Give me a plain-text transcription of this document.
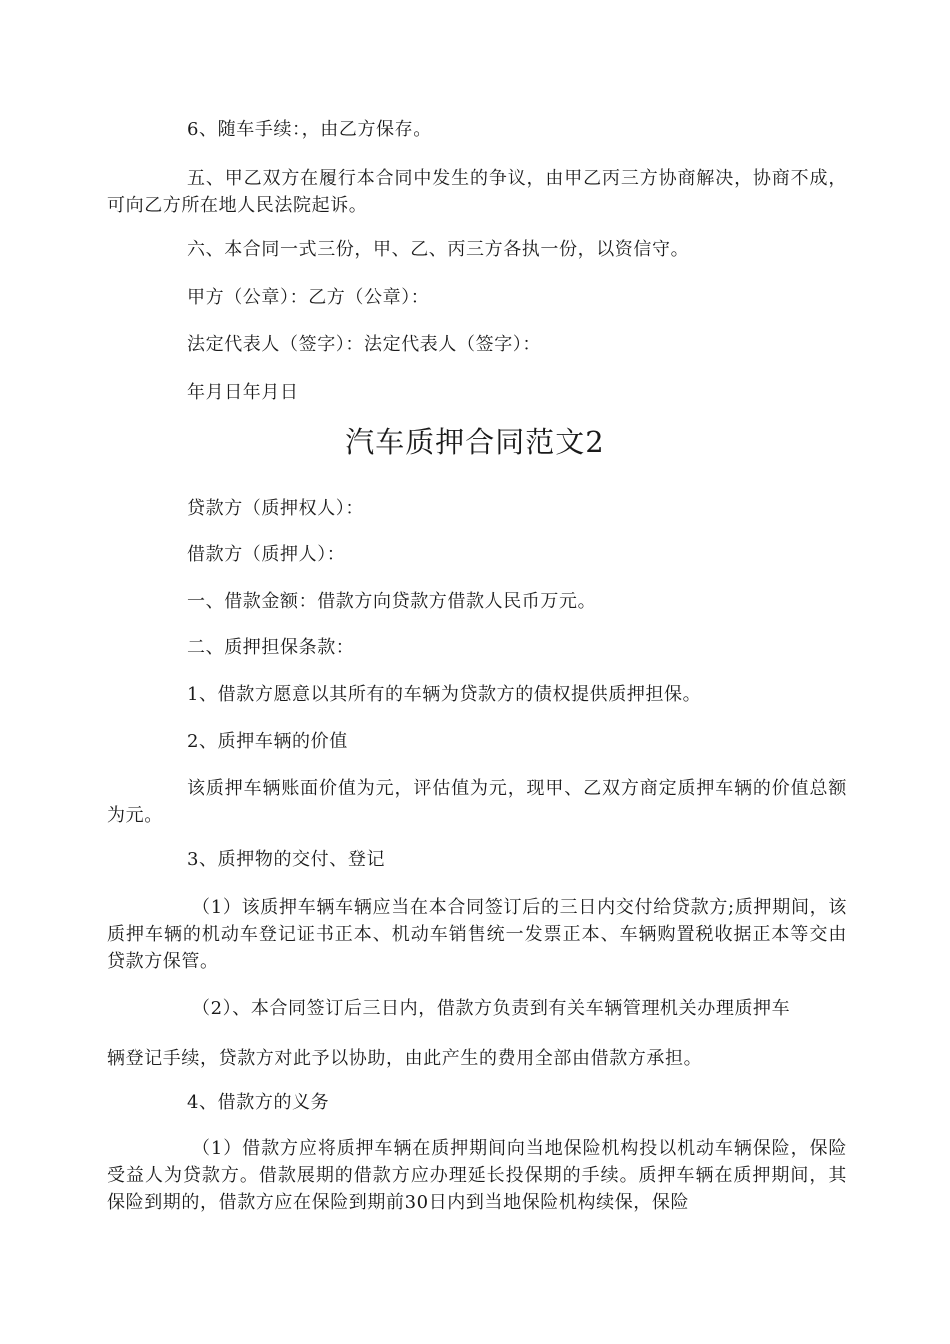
6、随车手续：，由乙方保存。

五、甲乙双方在履行本合同中发生的争议，由甲乙丙三方协商解决，协商不成，可向乙方所在地人民法院起诉。

六、本合同一式三份，甲、乙、丙三方各执一份，以资信守。

甲方（公章）：乙方（公章）：

法定代表人（签字）：法定代表人（签字）：

年月日年月日

汽车质押合同范文2

贷款方（质押权人）：

借款方（质押人）：

一、借款金额：借款方向贷款方借款人民币万元。

二、质押担保条款：

1、借款方愿意以其所有的车辆为贷款方的债权提供质押担保。

2、质押车辆的价值

该质押车辆账面价值为元，评估值为元，现甲、乙双方商定质押车辆的价值总额为元。

3、质押物的交付、登记

（1）该质押车辆车辆应当在本合同签订后的三日内交付给贷款方;质押期间，该质押车辆的机动车登记证书正本、机动车销售统一发票正本、车辆购置税收据正本等交由贷款方保管。

（2）、本合同签订后三日内，借款方负责到有关车辆管理机关办理质押车

辆登记手续，贷款方对此予以协助，由此产生的费用全部由借款方承担。

4、借款方的义务

（1）借款方应将质押车辆在质押期间向当地保险机构投以机动车辆保险，保险受益人为贷款方。借款展期的借款方应办理延长投保期的手续。质押车辆在质押期间，其保险到期的，借款方应在保险到期前30日内到当地保险机构续保，保险
